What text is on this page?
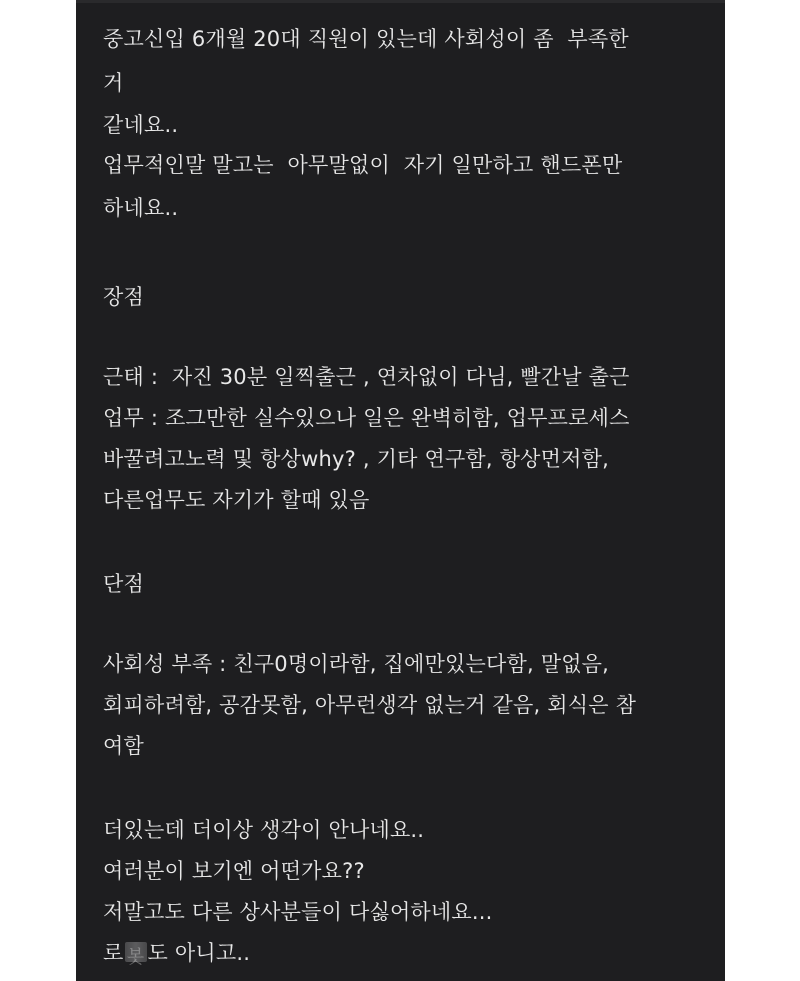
중고신입 6개월 20대 직원이 있는데 사회성이 좀  부족한

거

같네요..

업무적인말 말고는  아무말없이  자기 일만하고 핸드폰만

하네요..

장점

근태 :  자진 30분 일찍출근 , 연차없이 다님, 빨간날 출근

업무 : 조그만한 실수있으나 일은 완벽히함, 업무프로세스

바꿀려고노력 및 항상why? , 기타 연구함, 항상먼저함,

다른업무도 자기가 할때 있음

단점

사회성 부족 : 친구0명이라함, 집에만있는다함, 말없음,

회피하려함, 공감못함, 아무런생각 없는거 같음, 회식은 참

여함

더있는데 더이상 생각이 안나네요..

여러분이 보기엔 어떤가요??

저말고도 다른 상사분들이 다싫어하네요...

로 봇 도 아니고..
